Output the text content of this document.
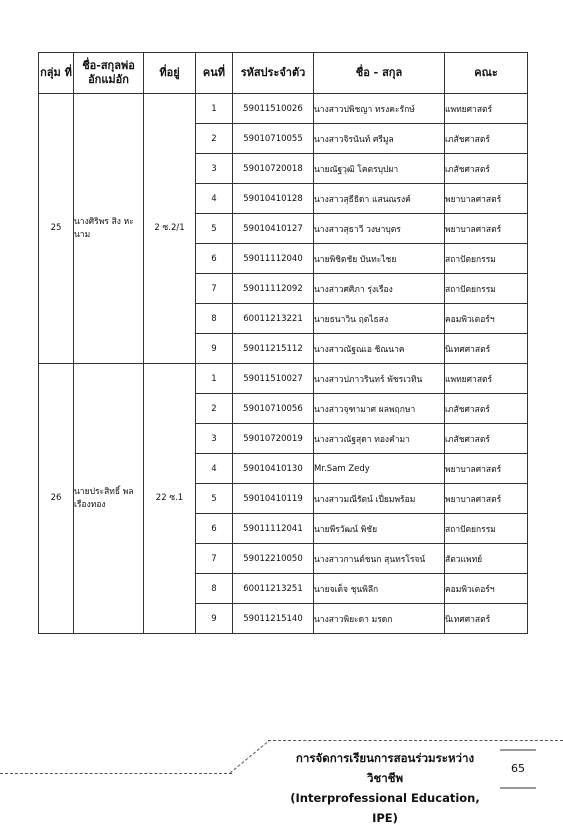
กลุ่ม ที่	ชื่อ-สกุลพ่อ อักแม่อัก	ที่อยู่	คนที่	รหัสประจำตัว	ชื่อ - สกุล	คณะ
25	นางศิริพร สิง หะนาม	2 ซ.2/1	1	59011510026	นางสาวปพิชญา ทรงคะรักษ์	แพทยศาสตร์
			2	59010710055	นางสาวจิรนันท์ ศรีมูล	เภสัชศาสตร์
			3	59010720018	นายณัฐวุฒิ โคตรบุปผา	เภสัชศาสตร์
			4	59010410128	นางสาวสุธีธิดา แสนณรงค์	พยาบาลศาสตร์
			5	59010410127	นางสาวสุธาวี วงษาบุตร	พยาบาลศาสตร์
			6	59011112040	นายพิชิตชัย บันทะไชย	สถาปัตยกรรม
			7	59011112092	นางสาวศศิภา รุ่งเรือง	สถาปัตยกรรม
			8	60011213221	นายธนาวิน ฤตไธสง	คอมพิวเตอร์ฯ
			9	59011215112	นางสาวณัฐณเอ ชิณนาค	นิเทศศาสตร์
26	นายประสิทธิ์ พลเรืองทอง	22 ซ.1	1	59011510027	นางสาวปภาวรินทร์ พัชรเวทิน	แพทยศาสตร์
			2	59010710056	นางสาวจุฑามาศ ผลพฤกษา	เภสัชศาสตร์
			3	59010720019	นางสาวณัฐสุดา ทองคำมา	เภสัชศาสตร์
			4	59010410130	Mr.Sam Zedy	พยาบาลศาสตร์
			5	59010410119	นางสาวมณีรัตน์ เปี่ยมพร้อม	พยาบาลศาสตร์
			6	59011112041	นายพีรวัฒน์ พิชัย	สถาปัตยกรรม
			7	59012210050	นางสาวกานต์ชนก สุนทรโรจน์	สัตวแพทย์
			8	60011213251	นายจเด็จ ชุนพิลึก	คอมพิวเตอร์ฯ
			9	59011215140	นางสาวพิยะดา มรดก	นิเทศศาสตร์
การจัดการเรียนการสอนร่วมระหว่างวิชาชีพ
(Interprofessional Education, IPE)
65
